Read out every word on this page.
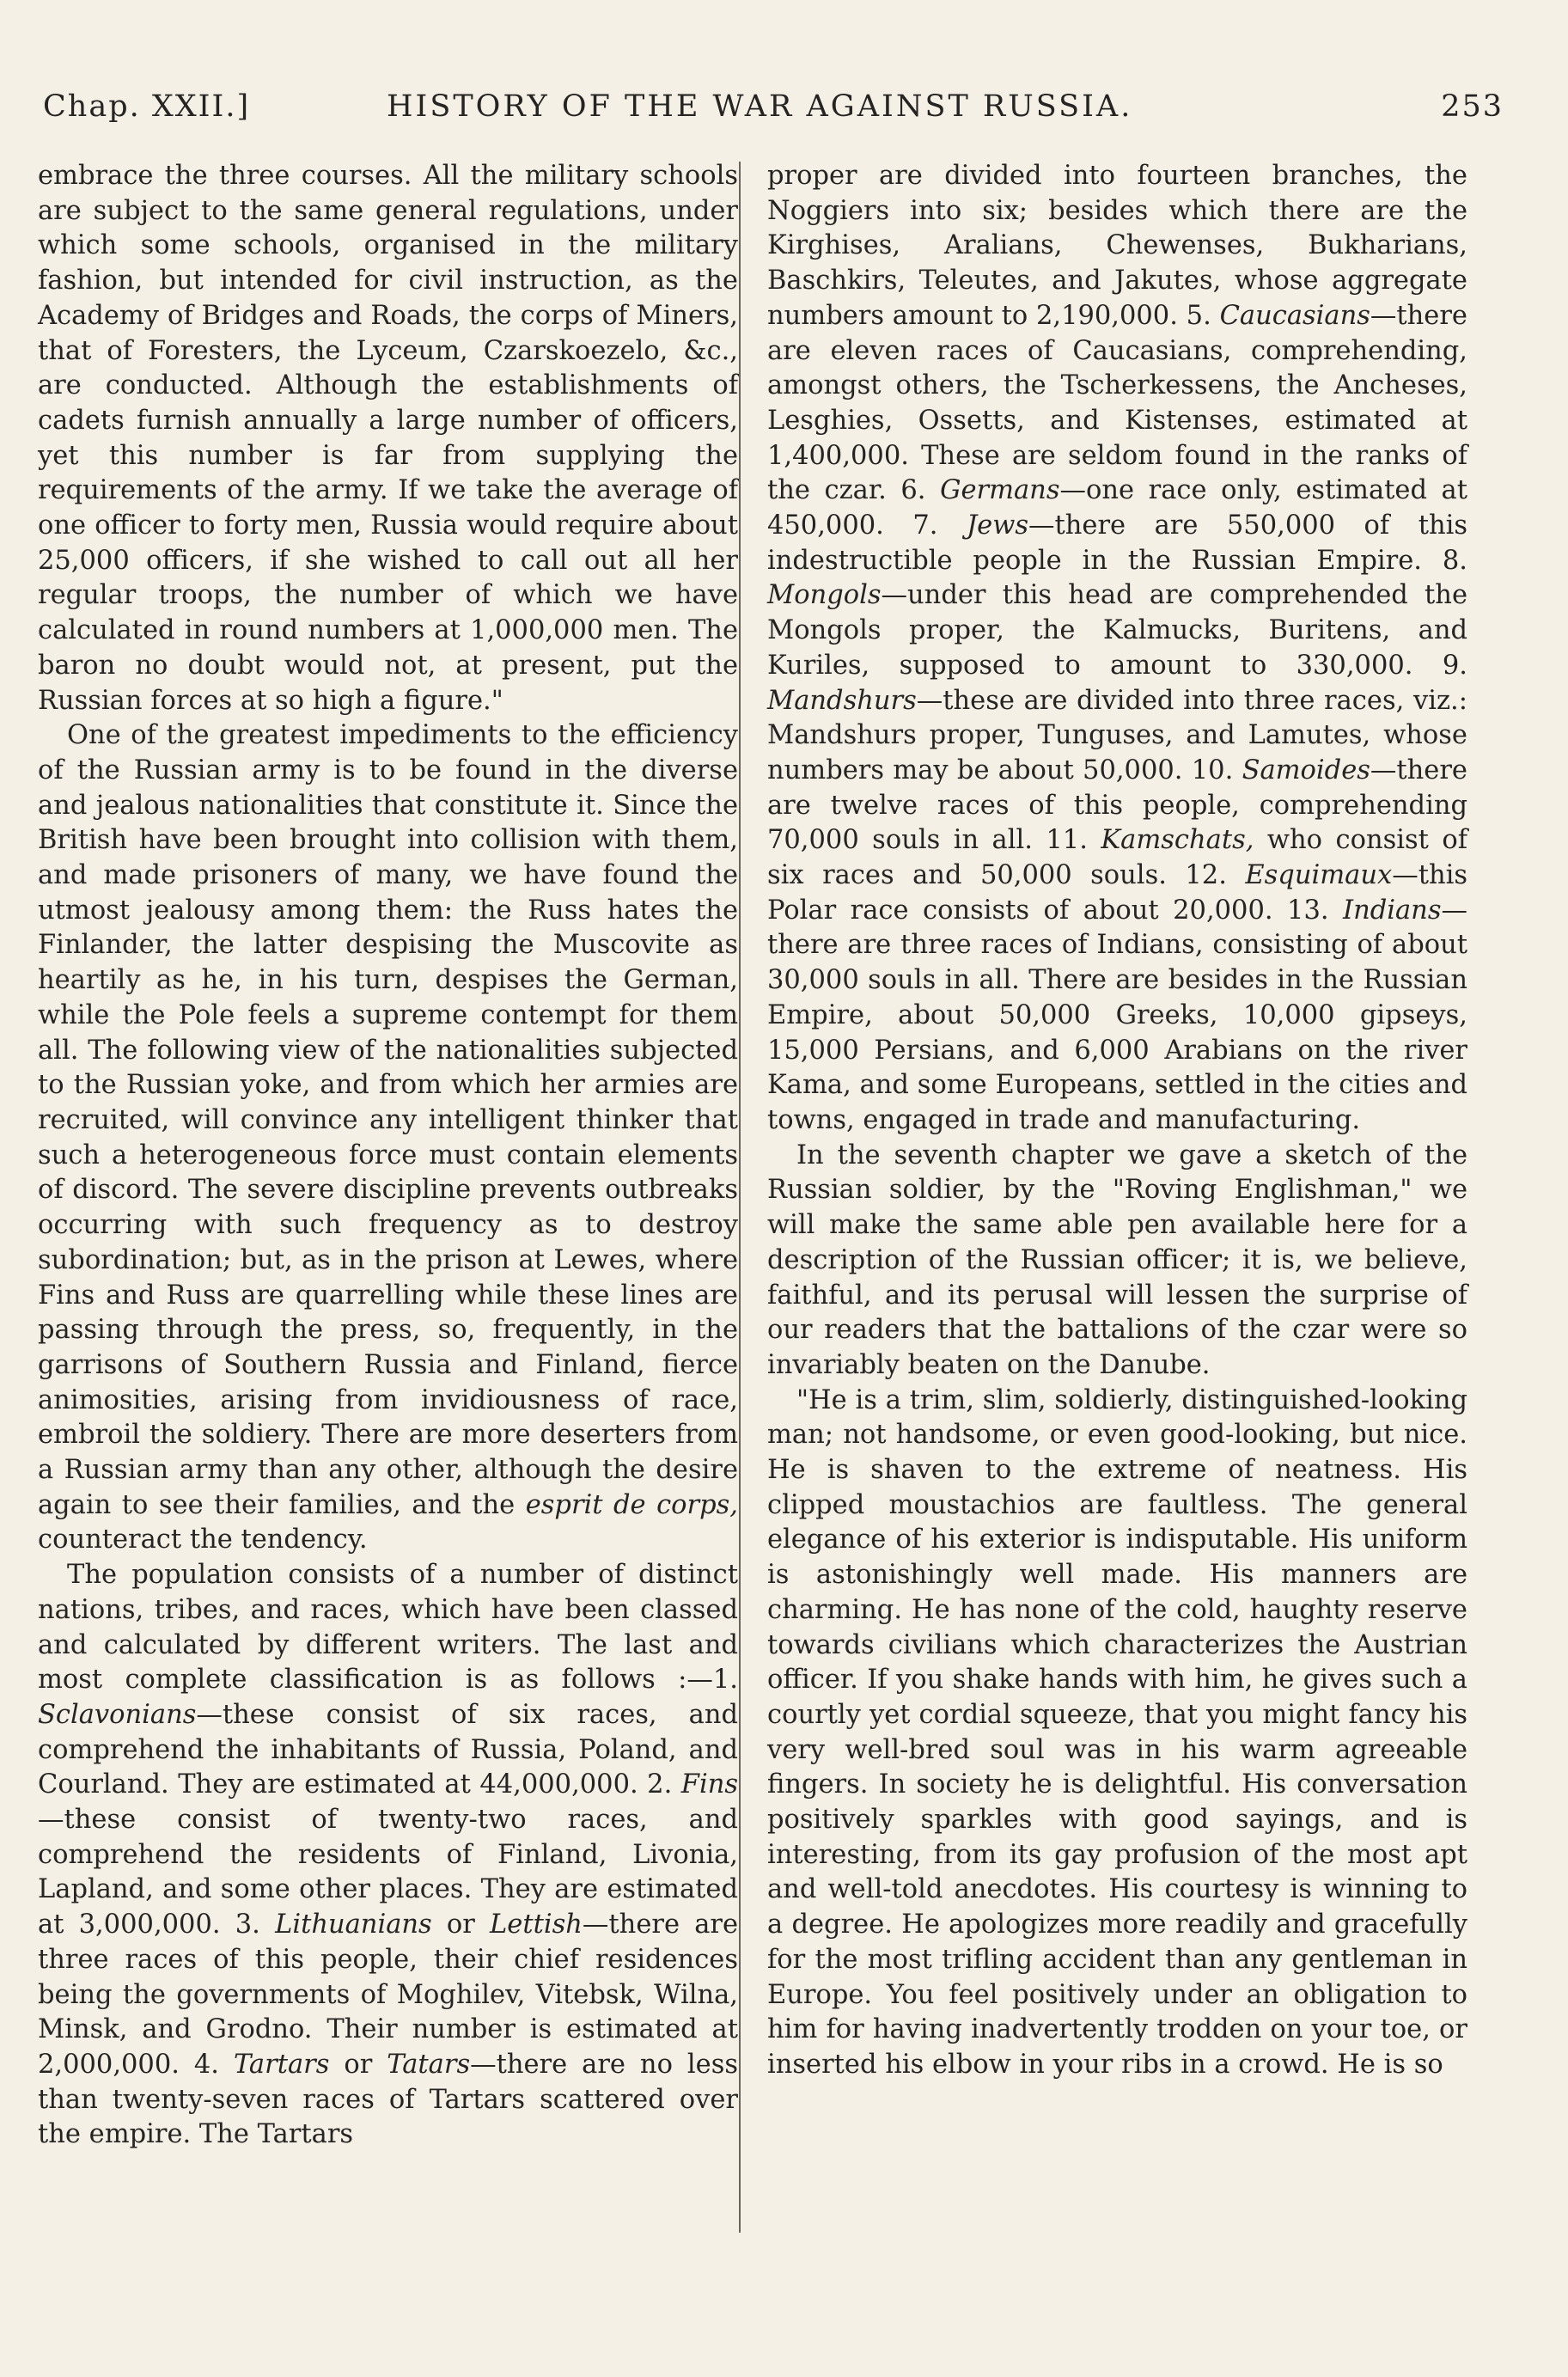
Chap. XXII.]	HISTORY OF THE WAR AGAINST RUSSIA.	253

embrace the three courses. All the military schools are subject to the same general regulations, under which some schools, organised in the military fashion, but intended for civil instruction, as the Academy of Bridges and Roads, the corps of Miners, that of Foresters, the Lyceum, Czarskoezelo, &c., are conducted. Although the establishments of cadets furnish annually a large number of officers, yet this number is far from supplying the requirements of the army. If we take the average of one officer to forty men, Russia would require about 25,000 officers, if she wished to call out all her regular troops, the number of which we have calculated in round numbers at 1,000,000 men. The baron no doubt would not, at present, put the Russian forces at so high a figure."

One of the greatest impediments to the efficiency of the Russian army is to be found in the diverse and jealous nationalities that constitute it. Since the British have been brought into collision with them, and made prisoners of many, we have found the utmost jealousy among them: the Russ hates the Finlander, the latter despising the Muscovite as heartily as he, in his turn, despises the German, while the Pole feels a supreme contempt for them all. The following view of the nationalities subjected to the Russian yoke, and from which her armies are recruited, will convince any intelligent thinker that such a heterogeneous force must contain elements of discord. The severe discipline prevents outbreaks occurring with such frequency as to destroy subordination; but, as in the prison at Lewes, where Fins and Russ are quarrelling while these lines are passing through the press, so, frequently, in the garrisons of Southern Russia and Finland, fierce animosities, arising from invidiousness of race, embroil the soldiery. There are more deserters from a Russian army than any other, although the desire again to see their families, and the esprit de corps, counteract the tendency.

The population consists of a number of distinct nations, tribes, and races, which have been classed and calculated by different writers. The last and most complete classification is as follows :—1. Sclavonians—these consist of six races, and comprehend the inhabitants of Russia, Poland, and Courland. They are estimated at 44,000,000. 2. Fins—these consist of twenty-two races, and comprehend the residents of Finland, Livonia, Lapland, and some other places. They are estimated at 3,000,000. 3. Lithuanians or Lettish—there are three races of this people, their chief residences being the governments of Moghilev, Vitebsk, Wilna, Minsk, and Grodno. Their number is estimated at 2,000,000. 4. Tartars or Tatars—there are no less than twenty-seven races of Tartars scattered over the empire. The Tartars

proper are divided into fourteen branches, the Noggiers into six; besides which there are the Kirghises, Aralians, Chewenses, Bukharians, Baschkirs, Teleutes, and Jakutes, whose aggregate numbers amount to 2,190,000. 5. Caucasians—there are eleven races of Caucasians, comprehending, amongst others, the Tscherkessens, the Ancheses, Lesghies, Ossetts, and Kistenses, estimated at 1,400,000. These are seldom found in the ranks of the czar. 6. Germans—one race only, estimated at 450,000. 7. Jews—there are 550,000 of this indestructible people in the Russian Empire. 8. Mongols—under this head are comprehended the Mongols proper, the Kalmucks, Buritens, and Kuriles, supposed to amount to 330,000. 9. Mandshurs—these are divided into three races, viz.: Mandshurs proper, Tunguses, and Lamutes, whose numbers may be about 50,000. 10. Samoides—there are twelve races of this people, comprehending 70,000 souls in all. 11. Kamschats, who consist of six races and 50,000 souls. 12. Esquimaux—this Polar race consists of about 20,000. 13. Indians—there are three races of Indians, consisting of about 30,000 souls in all. There are besides in the Russian Empire, about 50,000 Greeks, 10,000 gipseys, 15,000 Persians, and 6,000 Arabians on the river Kama, and some Europeans, settled in the cities and towns, engaged in trade and manufacturing.

In the seventh chapter we gave a sketch of the Russian soldier, by the "Roving Englishman," we will make the same able pen available here for a description of the Russian officer; it is, we believe, faithful, and its perusal will lessen the surprise of our readers that the battalions of the czar were so invariably beaten on the Danube.

"He is a trim, slim, soldierly, distinguished-looking man; not handsome, or even good-looking, but nice. He is shaven to the extreme of neatness. His clipped moustachios are faultless. The general elegance of his exterior is indisputable. His uniform is astonishingly well made. His manners are charming. He has none of the cold, haughty reserve towards civilians which characterizes the Austrian officer. If you shake hands with him, he gives such a courtly yet cordial squeeze, that you might fancy his very well-bred soul was in his warm agreeable fingers. In society he is delightful. His conversation positively sparkles with good sayings, and is interesting, from its gay profusion of the most apt and well-told anecdotes. His courtesy is winning to a degree. He apologizes more readily and gracefully for the most trifling accident than any gentleman in Europe. You feel positively under an obligation to him for having inadvertently trodden on your toe, or inserted his elbow in your ribs in a crowd. He is so
